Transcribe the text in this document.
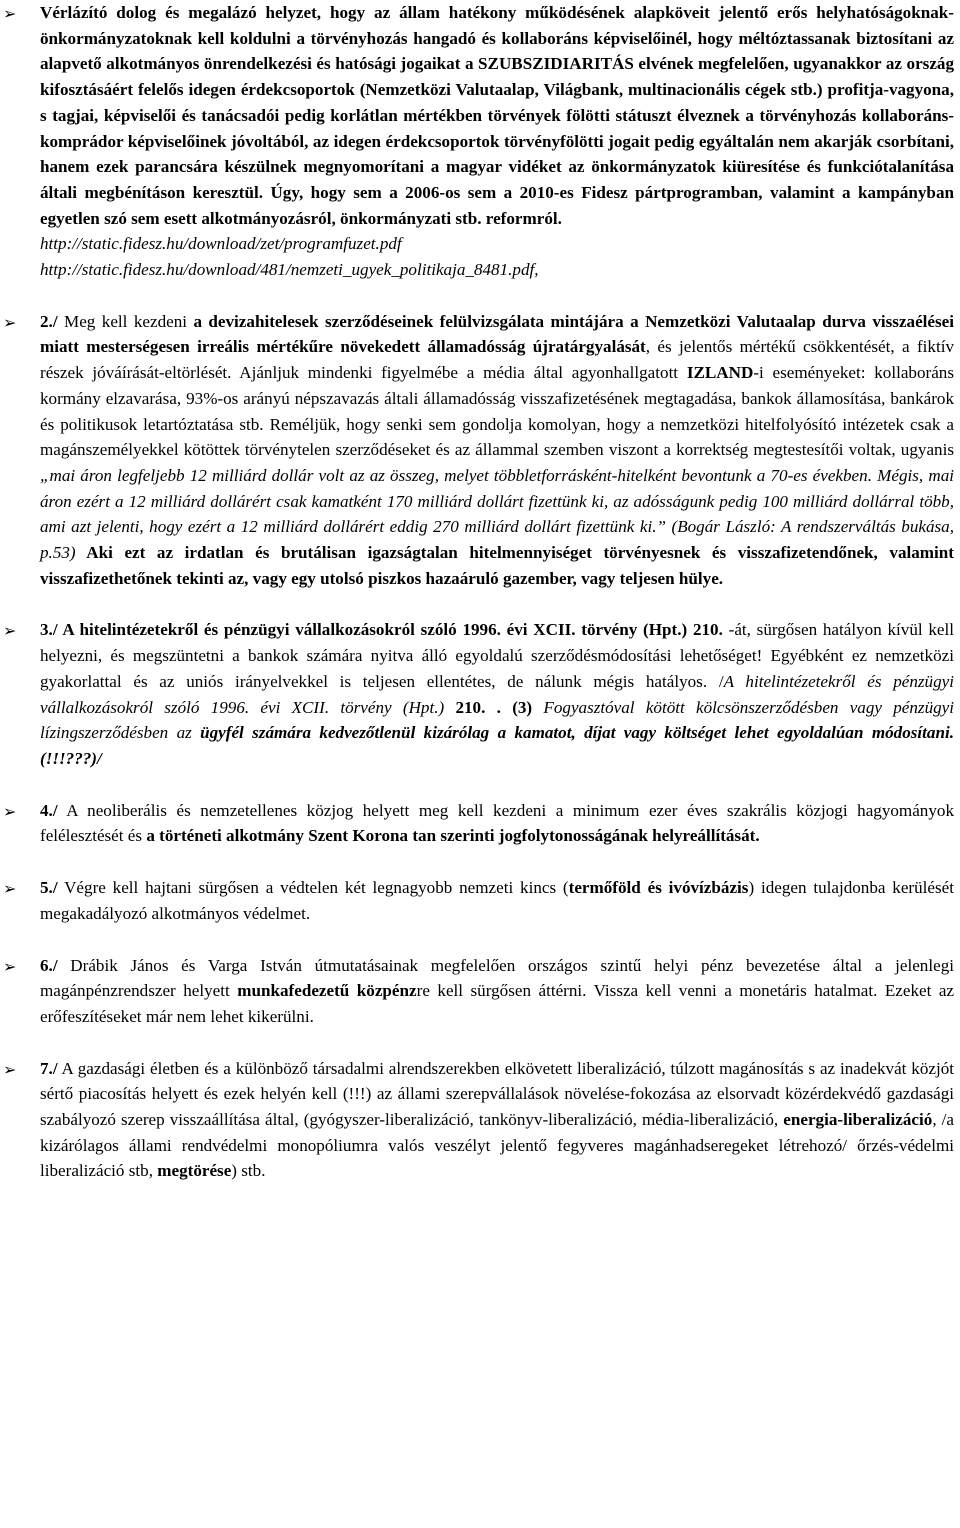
➢ Vérlázító dolog és megalázó helyzet, hogy az állam hatékony működésének alapköveit jelentő erős helyhatóságoknak-önkormányzatoknak kell koldulni a törvényhozás hangadó és kollaboráns képviselőinél, hogy méltóztassanak biztosítani az alapvető alkotmányos önrendelkezési és hatósági jogaikat a SZUBSZIDIARITÁS elvének megfelelően, ugyanakkor az ország kifosztásáért felelős idegen érdekcsoportok (Nemzetközi Valutaalap, Világbank, multinacionális cégek stb.) profitja-vagyona, s tagjai, képviselői és tanácsadói pedig korlátlan mértékben törvények fölötti státuszt élveznek a törvényhozás kollaboráns-komprádor képviselőinek jóvoltából, az idegen érdekcsoportok törvényfölötti jogait pedig egyáltalán nem akarják csorbítani, hanem ezek parancsára készülnek megnyomorítani a magyar vidéket az önkormányzatok kiüresítése és funkciótalanítása általi megbénításon keresztül. Úgy, hogy sem a 2006-os sem a 2010-es Fidesz pártprogramban, valamint a kampányban egyetlen szó sem esett alkotmányozásról, önkormányzati stb. reformról.

http://static.fidesz.hu/download/zet/programfuzet.pdf

http://static.fidesz.hu/download/481/nemzeti_ugyek_politikaja_8481.pdf,

➢ 2./ Meg kell kezdeni a devizahitelesek szerződéseinek felülvizsgálata mintájára a Nemzetközi Valutaalap durva visszaélései miatt mesterségesen irreális mértékűre növekedett államadósság újratárgyalását, és jelentős mértékű csökkentését, a fiktív részek jóváírását-eltörlését. Ajánljuk mindenki figyelmébe a média által agyonhallgatott IZLAND-i eseményeket: kollaboráns kormány elzavarása, 93%-os arányú népszavazás általi államadósság visszafizetésének megtagadása, bankok államosítása, bankárok és politikusok letartóztatása stb. Reméljük, hogy senki sem gondolja komolyan, hogy a nemzetközi hitelfolyósító intézetek csak a magánszemélyekkel kötöttek törvénytelen szerződéseket és az állammal szemben viszont a korrektség megtestesítői voltak, ugyanis „mai áron legfeljebb 12 milliárd dollár volt az az összeg, melyet többletforrásként-hitelként bevontunk a 70-es években. Mégis, mai áron ezért a 12 milliárd dollárért csak kamatként 170 milliárd dollárt fizettünk ki, az adósságunk pedig 100 milliárd dollárral több, ami azt jelenti, hogy ezért a 12 milliárd dollárért eddig 270 milliárd dollárt fizettünk ki.” (Bogár László: A rendszerváltás bukása, p.53) Aki ezt az irdatlan és brutálisan igazságtalan hitelmennyiséget törvényesnek és visszafizetendőnek, valamint visszafizethetőnek tekinti az, vagy egy utolsó piszkos hazaáruló gazember, vagy teljesen hülye.

➢ 3./ A hitelintézetekről és pénzügyi vállalkozásokról szóló 1996. évi XCII. törvény (Hpt.) 210. -át, sürgősen hatályon kívül kell helyezni, és megszüntetni a bankok számára nyitva álló egyoldalú szerződésmódosítási lehetőséget! Egyébként ez nemzetközi gyakorlattal és az uniós irányelvekkel is teljesen ellentétes, de nálunk mégis hatályos. /A hitelintézetekről és pénzügyi vállalkozásokról szóló 1996. évi XCII. törvény (Hpt.) 210. . (3) Fogyasztóval kötött kölcsönszerződésben vagy pénzügyi lízingszerződésben az ügyfél számára kedvezőtlenül kizárólag a kamatot, díjat vagy költséget lehet egyoldalúan módosítani. (!!!???)/

➢ 4./ A neoliberális és nemzetellenes közjog helyett meg kell kezdeni a minimum ezer éves szakrális közjogi hagyományok felélesztését és a történeti alkotmány Szent Korona tan szerinti jogfolytonosságának helyreállítását.

➢ 5./ Végre kell hajtani sürgősen a védtelen két legnagyobb nemzeti kincs (termőföld és ivóvízbázis) idegen tulajdonba kerülését megakadályozó alkotmányos védelmet.

➢ 6./ Drábik János és Varga István útmutatásainak megfelelően országos szintű helyi pénz bevezetése által a jelenlegi magánpénzrendszer helyett munkafedezetű közpénzre kell sürgősen áttérni. Vissza kell venni a monetáris hatalmat. Ezeket az erőfeszítéseket már nem lehet kikerülni.

➢ 7./ A gazdasági életben és a különböző társadalmi alrendszerekben elkövetett liberalizáció, túlzott magánosítás s az inadekvát közjót sértő piacosítás helyett és ezek helyén kell (!!!) az állami szerepvállalások növelése-fokozása az elsorvadt közérdekvédő gazdasági szabályozó szerep visszaállítása által, (gyógyszer-liberalizáció, tankönyv-liberalizáció, média-liberalizáció, energia-liberalizáció, /a kizárólagos állami rendvédelmi monopóliumra valós veszélyt jelentő fegyveres magánhadseregeket létrehozó/ őrzés-védelmi liberalizáció stb, megtörése) stb.
